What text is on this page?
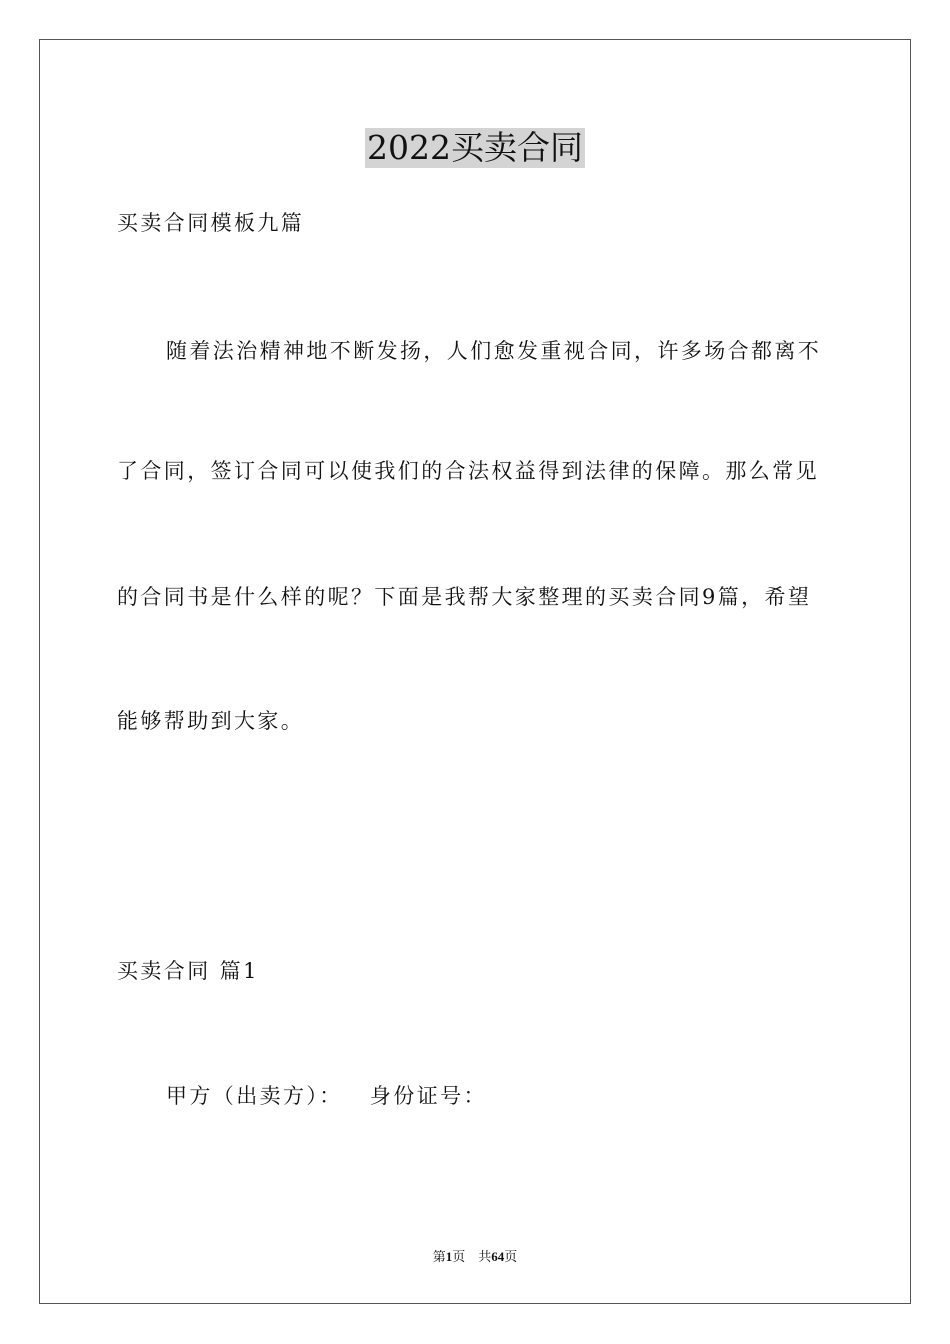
2022买卖合同
买卖合同模板九篇
随着法治精神地不断发扬，人们愈发重视合同，许多场合都离不
了合同，签订合同可以使我们的合法权益得到法律的保障。那么常见
的合同书是什么样的呢？下面是我帮大家整理的买卖合同9篇，希望
能够帮助到大家。
买卖合同 篇1
甲方（出卖方）：   身份证号：
第1页 共64页
